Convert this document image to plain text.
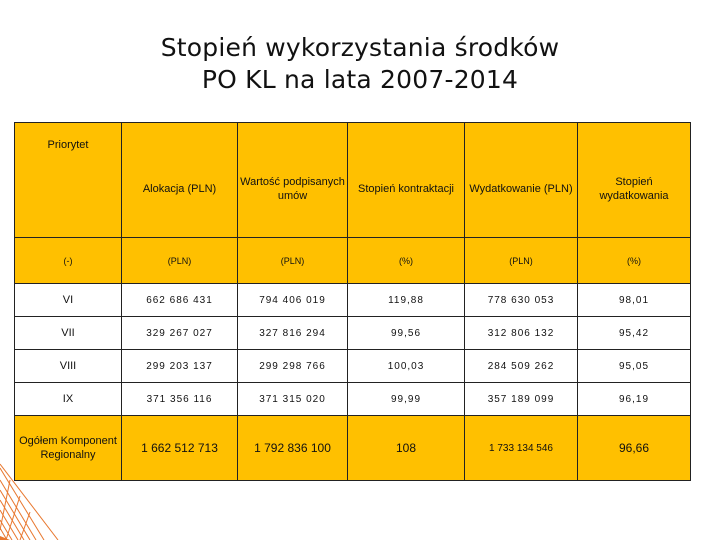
Stopień wykorzystania środków
PO KL na lata 2007-2014
Priorytet	Alokacja (PLN)	Wartość podpisanych umów	Stopień kontraktacji	Wydatkowanie (PLN)	Stopień wydatkowania
(-)	(PLN)	(PLN)	(%)	(PLN)	(%)
VI	662 686 431	794 406 019	119,88	778 630 053	98,01
VII	329 267 027	327 816 294	99,56	312 806 132	95,42
VIII	299 203 137	299 298 766	100,03	284 509 262	95,05
IX	371 356 116	371 315 020	99,99	357 189 099	96,19
Ogółem Komponent Regionalny	1 662 512 713	1 792 836 100	108	1 733 134 546	96,66
